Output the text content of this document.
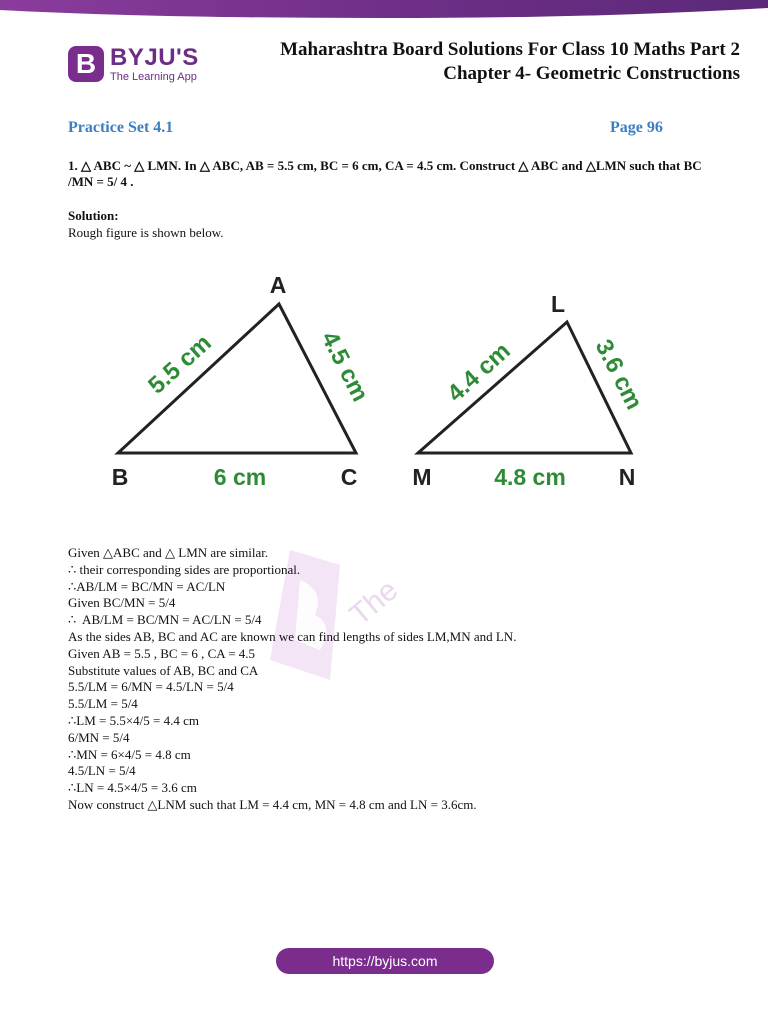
B BYJU'S
The Learning App
Maharashtra Board Solutions For Class 10 Maths Part 2
Chapter 4- Geometric Constructions
Practice Set 4.1	Page 96
1. △ ABC ~ △ LMN. In △ ABC, AB = 5.5 cm, BC = 6 cm, CA = 4.5 cm. Construct △ ABC and △LMN such that BC /MN = 5/ 4 .
Solution:
Rough figure is shown below.
A
B	C
5.5 cm	4.5 cm
6 cm
L
M	N
4.4 cm	3.6 cm
4.8 cm
The
Given △ABC and △ LMN are similar.
∴ their corresponding sides are proportional.
∴AB/LM = BC/MN = AC/LN
Given BC/MN = 5/4
∴  AB/LM = BC/MN = AC/LN = 5/4
As the sides AB, BC and AC are known we can find lengths of sides LM,MN and LN.
Given AB = 5.5 , BC = 6 , CA = 4.5
Substitute values of AB, BC and CA
5.5/LM = 6/MN = 4.5/LN = 5/4
5.5/LM = 5/4
∴LM = 5.5×4/5 = 4.4 cm
6/MN = 5/4
∴MN = 6×4/5 = 4.8 cm
4.5/LN = 5/4
∴LN = 4.5×4/5 = 3.6 cm
Now construct △LNM such that LM = 4.4 cm, MN = 4.8 cm and LN = 3.6cm.
https://byjus.com
